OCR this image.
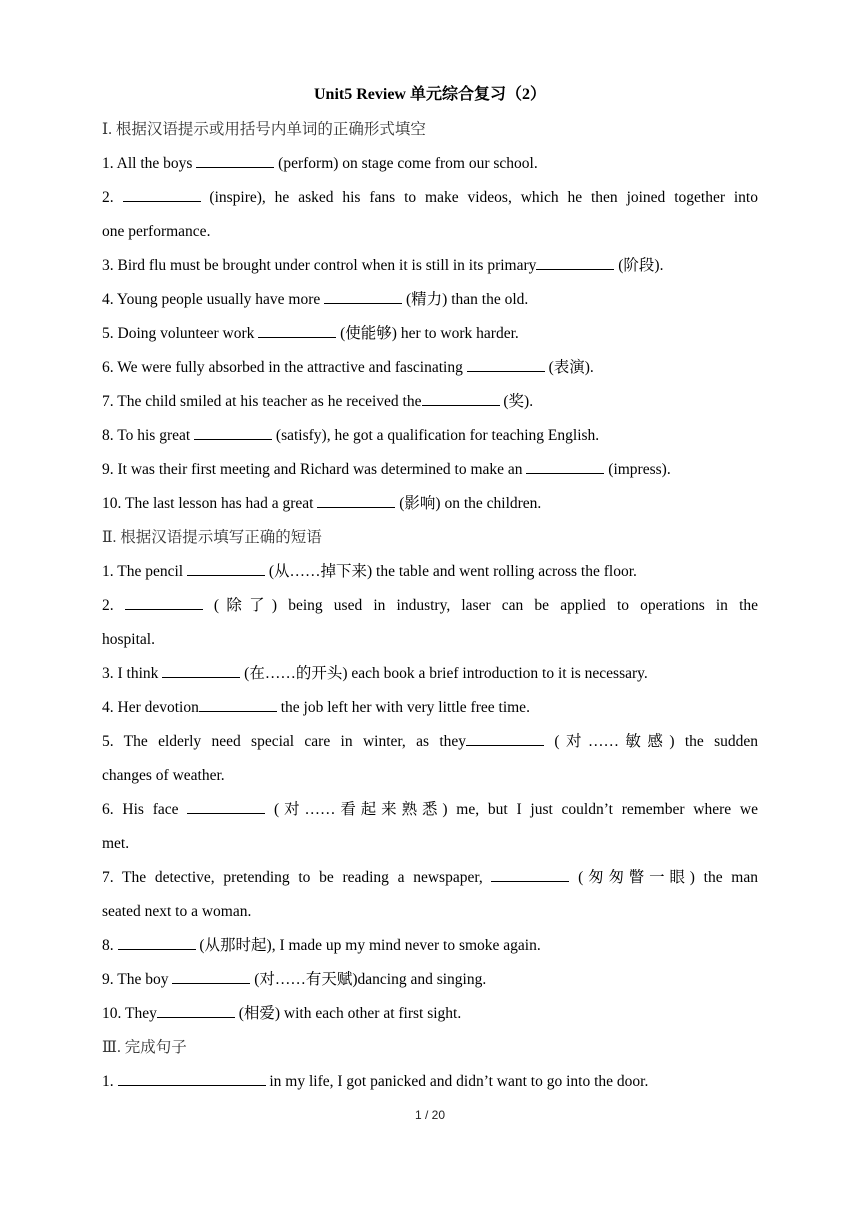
Unit5 Review 单元综合复习（2）
Ⅰ. 根据汉语提示或用括号内单词的正确形式填空
1. All the boys	(perform) on stage come from our school.
2.	(inspire), he asked his fans to make videos, which he then joined together into
one performance.
3. Bird flu must be brought under control when it is still in its primary	(阶段).
4. Young people usually have more	(精力) than the old.
5. Doing volunteer work	(使能够) her to work harder.
6. We were fully absorbed in the attractive and fascinating	(表演).
7. The child smiled at his teacher as he received the	(奖).
8. To his great	(satisfy), he got a qualification for teaching English.
9. It was their first meeting and Richard was determined to make an	(impress).
10. The last lesson has had a great	(影响) on the children.
Ⅱ. 根据汉语提示填写正确的短语
1. The pencil	(从……掉下来) the table and went rolling across the floor.
2.	(除了) being used in industry, laser can be applied to operations in the
hospital.
3. I think	(在……的开头) each book a brief introduction to it is necessary.
4. Her devotion	the job left her with very little free time.
5. The elderly need special care in winter, as they	(对……敏感) the sudden
changes of weather.
6. His face	(对……看起来熟悉) me, but I just couldn’t remember where we
met.
7. The detective, pretending to be reading a newspaper,	(匆匆瞥一眼) the man
seated next to a woman.
8.	(从那时起), I made up my mind never to smoke again.
9. The boy	(对……有天赋)dancing and singing.
10. They	(相爱) with each other at first sight.
Ⅲ. 完成句子
1.	in my life, I got panicked and didn’t want to go into the door.
1 / 20
